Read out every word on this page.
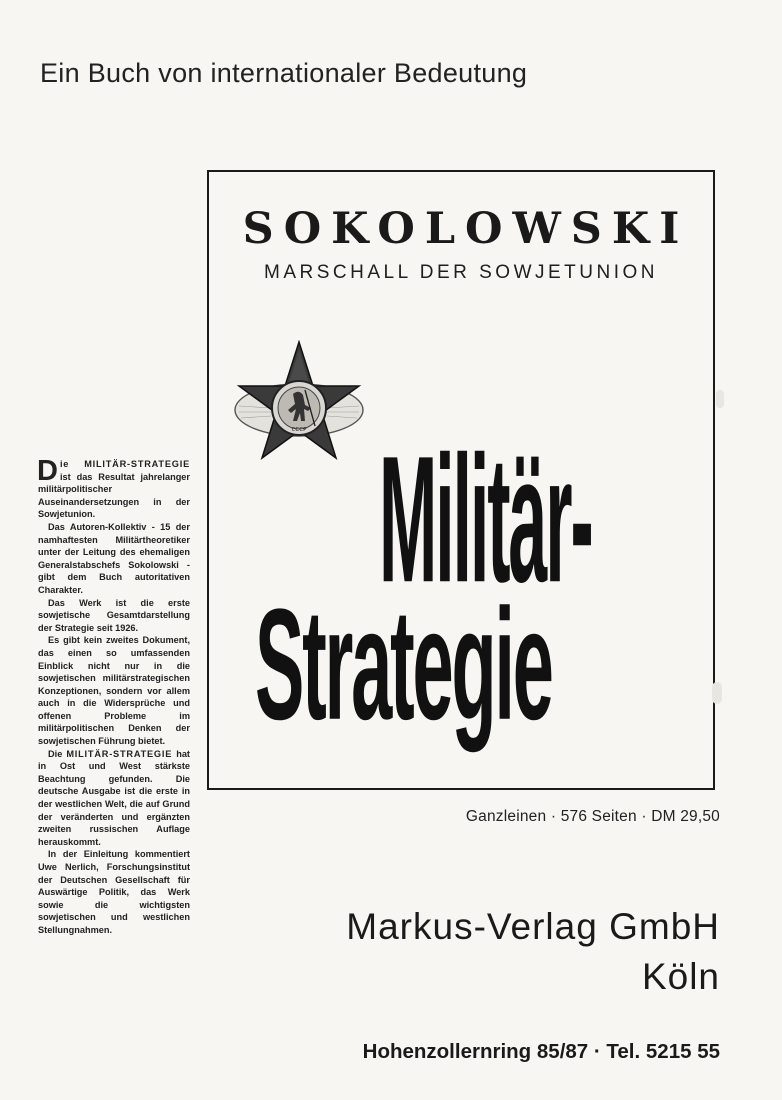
Ein Buch von internationaler Bedeutung
SOKOLOWSKI
MARSCHALL DER SOWJETUNION
CCCP Militär-
Strategie
Ganzleinen · 576 Seiten · DM 29,50
Markus-Verlag GmbH
Köln
Hohenzollernring 85/87 · Tel. 5215 55

Die MILITÄR-STRATEGIE ist das Resultat jahrelanger militärpolitischer Auseinandersetzungen in der Sowjetunion.

Das Autoren-Kollektiv - 15 der namhaftesten Militärtheoretiker unter der Leitung des ehemaligen Generalstabschefs Sokolowski - gibt dem Buch autoritativen Charakter.

Das Werk ist die erste sowjetische Gesamtdarstellung der Strategie seit 1926.

Es gibt kein zweites Dokument, das einen so umfassenden Einblick nicht nur in die sowjetischen militärstrategischen Konzeptionen, sondern vor allem auch in die Widersprüche und offenen Probleme im militärpolitischen Denken der sowjetischen Führung bietet.

Die MILITÄR-STRATEGIE hat in Ost und West stärkste Beachtung gefunden. Die deutsche Ausgabe ist die erste in der westlichen Welt, die auf Grund der veränderten und ergänzten zweiten russischen Auflage herauskommt.

In der Einleitung kommentiert Uwe Nerlich, Forschungsinstitut der Deutschen Gesellschaft für Auswärtige Politik, das Werk sowie die wichtigsten sowjetischen und westlichen Stellungnahmen.
